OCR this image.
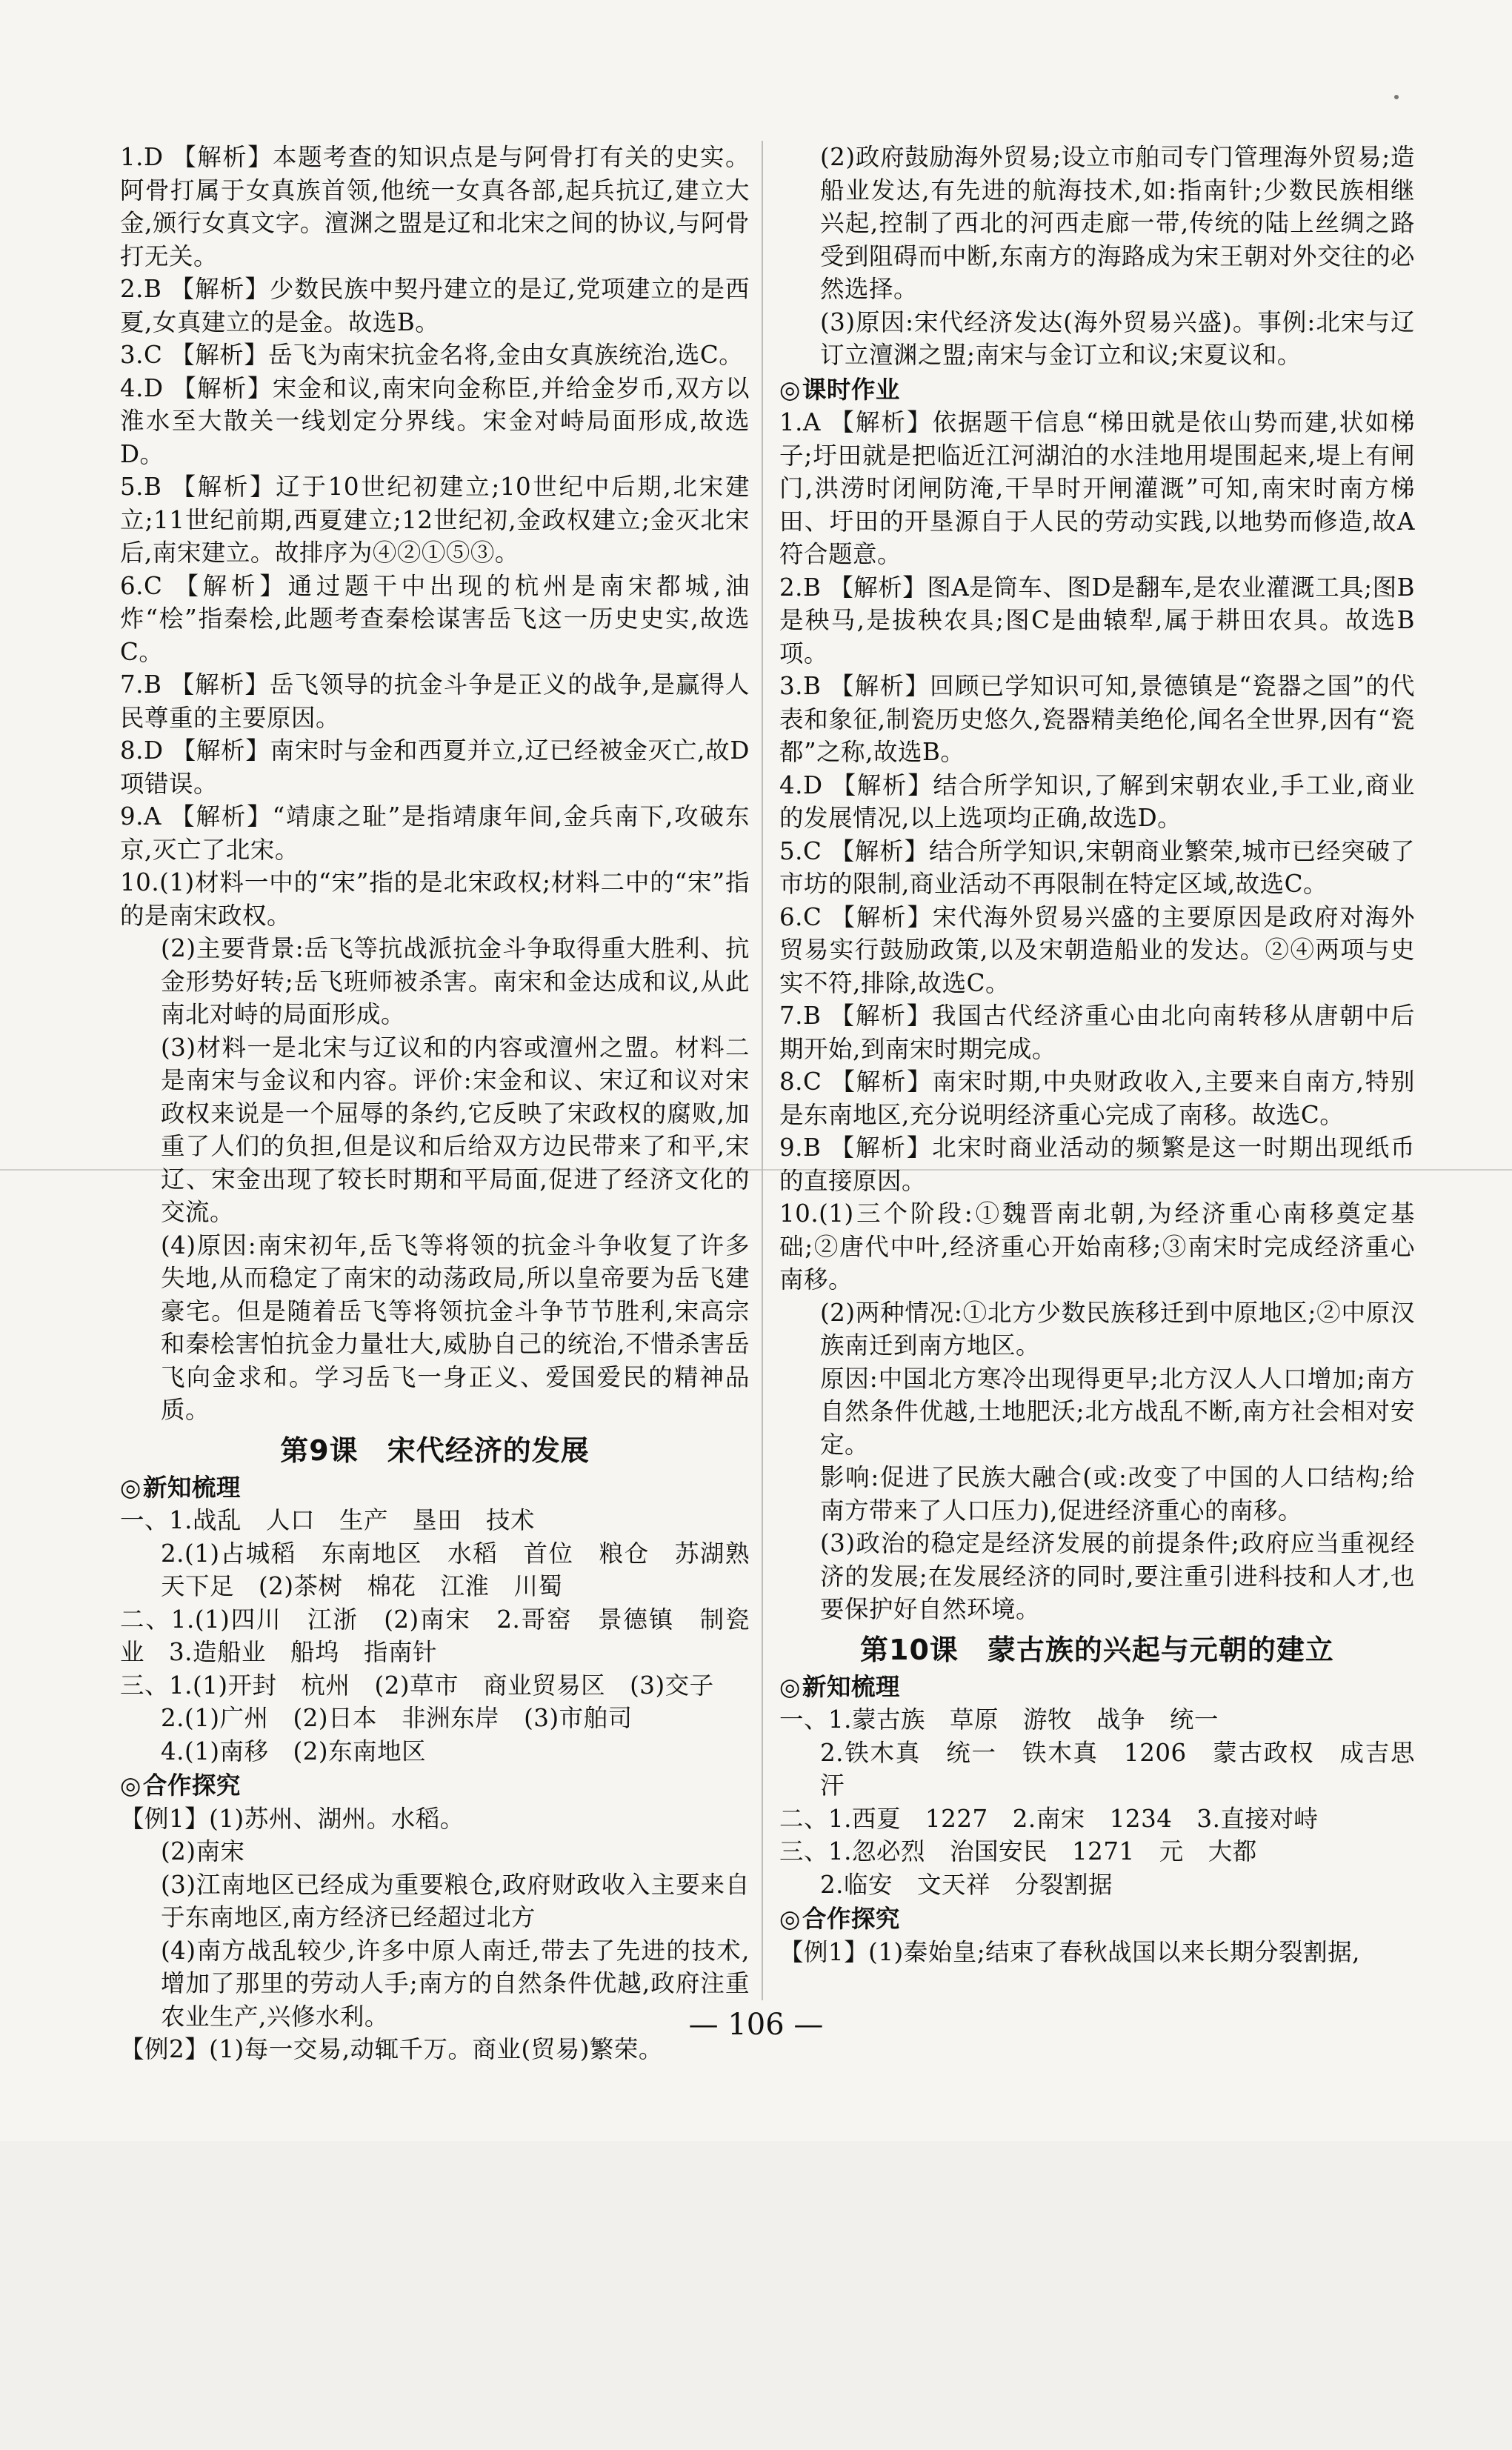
1.D 【解析】本题考查的知识点是与阿骨打有关的史实。阿骨打属于女真族首领,他统一女真各部,起兵抗辽,建立大金,颁行女真文字。澶渊之盟是辽和北宋之间的协议,与阿骨打无关。
2.B 【解析】少数民族中契丹建立的是辽,党项建立的是西夏,女真建立的是金。故选B。
3.C 【解析】岳飞为南宋抗金名将,金由女真族统治,选C。
4.D 【解析】宋金和议,南宋向金称臣,并给金岁币,双方以淮水至大散关一线划定分界线。宋金对峙局面形成,故选D。
5.B 【解析】辽于10世纪初建立;10世纪中后期,北宋建立;11世纪前期,西夏建立;12世纪初,金政权建立;金灭北宋后,南宋建立。故排序为④②①⑤③。
6.C 【解析】通过题干中出现的杭州是南宋都城,油炸“桧”指秦桧,此题考查秦桧谋害岳飞这一历史史实,故选C。
7.B 【解析】岳飞领导的抗金斗争是正义的战争,是赢得人民尊重的主要原因。
8.D 【解析】南宋时与金和西夏并立,辽已经被金灭亡,故D项错误。
9.A 【解析】“靖康之耻”是指靖康年间,金兵南下,攻破东京,灭亡了北宋。
10.(1)材料一中的“宋”指的是北宋政权;材料二中的“宋”指的是南宋政权。
(2)主要背景:岳飞等抗战派抗金斗争取得重大胜利、抗金形势好转;岳飞班师被杀害。南宋和金达成和议,从此南北对峙的局面形成。
(3)材料一是北宋与辽议和的内容或澶州之盟。材料二是南宋与金议和内容。评价:宋金和议、宋辽和议对宋政权来说是一个屈辱的条约,它反映了宋政权的腐败,加重了人们的负担,但是议和后给双方边民带来了和平,宋辽、宋金出现了较长时期和平局面,促进了经济文化的交流。
(4)原因:南宋初年,岳飞等将领的抗金斗争收复了许多失地,从而稳定了南宋的动荡政局,所以皇帝要为岳飞建豪宅。但是随着岳飞等将领抗金斗争节节胜利,宋高宗和秦桧害怕抗金力量壮大,威胁自己的统治,不惜杀害岳飞向金求和。学习岳飞一身正义、爱国爱民的精神品质。
第9课　宋代经济的发展
◎ 新知梳理
一、1.战乱　人口　生产　垦田　技术
2.(1)占城稻　东南地区　水稻　首位　粮仓　苏湖熟　天下足　(2)茶树　棉花　江淮　川蜀
二、1.(1)四川　江浙　(2)南宋　2.哥窑　景德镇　制瓷业　3.造船业　船坞　指南针
三、1.(1)开封　杭州　(2)草市　商业贸易区　(3)交子
2.(1)广州　(2)日本　非洲东岸　(3)市舶司
4.(1)南移　(2)东南地区
◎ 合作探究
【例1】(1)苏州、湖州。水稻。
(2)南宋
(3)江南地区已经成为重要粮仓,政府财政收入主要来自于东南地区,南方经济已经超过北方
(4)南方战乱较少,许多中原人南迁,带去了先进的技术,增加了那里的劳动人手;南方的自然条件优越,政府注重农业生产,兴修水利。
【例2】(1)每一交易,动辄千万。商业(贸易)繁荣。
(2)政府鼓励海外贸易;设立市舶司专门管理海外贸易;造船业发达,有先进的航海技术,如:指南针;少数民族相继兴起,控制了西北的河西走廊一带,传统的陆上丝绸之路受到阻碍而中断,东南方的海路成为宋王朝对外交往的必然选择。
(3)原因:宋代经济发达(海外贸易兴盛)。事例:北宋与辽订立澶渊之盟;南宋与金订立和议;宋夏议和。
◎ 课时作业
1.A 【解析】依据题干信息“梯田就是依山势而建,状如梯子;圩田就是把临近江河湖泊的水洼地用堤围起来,堤上有闸门,洪涝时闭闸防淹,干旱时开闸灌溉”可知,南宋时南方梯田、圩田的开垦源自于人民的劳动实践,以地势而修造,故A符合题意。
2.B 【解析】图A是筒车、图D是翻车,是农业灌溉工具;图B是秧马,是拔秧农具;图C是曲辕犁,属于耕田农具。故选B项。
3.B 【解析】回顾已学知识可知,景德镇是“瓷器之国”的代表和象征,制瓷历史悠久,瓷器精美绝伦,闻名全世界,因有“瓷都”之称,故选B。
4.D 【解析】结合所学知识,了解到宋朝农业,手工业,商业的发展情况,以上选项均正确,故选D。
5.C 【解析】结合所学知识,宋朝商业繁荣,城市已经突破了市坊的限制,商业活动不再限制在特定区域,故选C。
6.C 【解析】宋代海外贸易兴盛的主要原因是政府对海外贸易实行鼓励政策,以及宋朝造船业的发达。②④两项与史实不符,排除,故选C。
7.B 【解析】我国古代经济重心由北向南转移从唐朝中后期开始,到南宋时期完成。
8.C 【解析】南宋时期,中央财政收入,主要来自南方,特别是东南地区,充分说明经济重心完成了南移。故选C。
9.B 【解析】北宋时商业活动的频繁是这一时期出现纸币的直接原因。
10.(1)三个阶段:①魏晋南北朝,为经济重心南移奠定基础;②唐代中叶,经济重心开始南移;③南宋时完成经济重心南移。
(2)两种情况:①北方少数民族移迁到中原地区;②中原汉族南迁到南方地区。
原因:中国北方寒冷出现得更早;北方汉人人口增加;南方自然条件优越,土地肥沃;北方战乱不断,南方社会相对安定。
影响:促进了民族大融合(或:改变了中国的人口结构;给南方带来了人口压力),促进经济重心的南移。
(3)政治的稳定是经济发展的前提条件;政府应当重视经济的发展;在发展经济的同时,要注重引进科技和人才,也要保护好自然环境。
第10课　蒙古族的兴起与元朝的建立
◎ 新知梳理
一、1.蒙古族　草原　游牧　战争　统一
2.铁木真　统一　铁木真　1206　蒙古政权　成吉思汗
二、1.西夏　1227　2.南宋　1234　3.直接对峙
三、1.忽必烈　治国安民　1271　元　大都
2.临安　文天祥　分裂割据
◎ 合作探究
【例1】(1)秦始皇;结束了春秋战国以来长期分裂割据,
— 106 —
